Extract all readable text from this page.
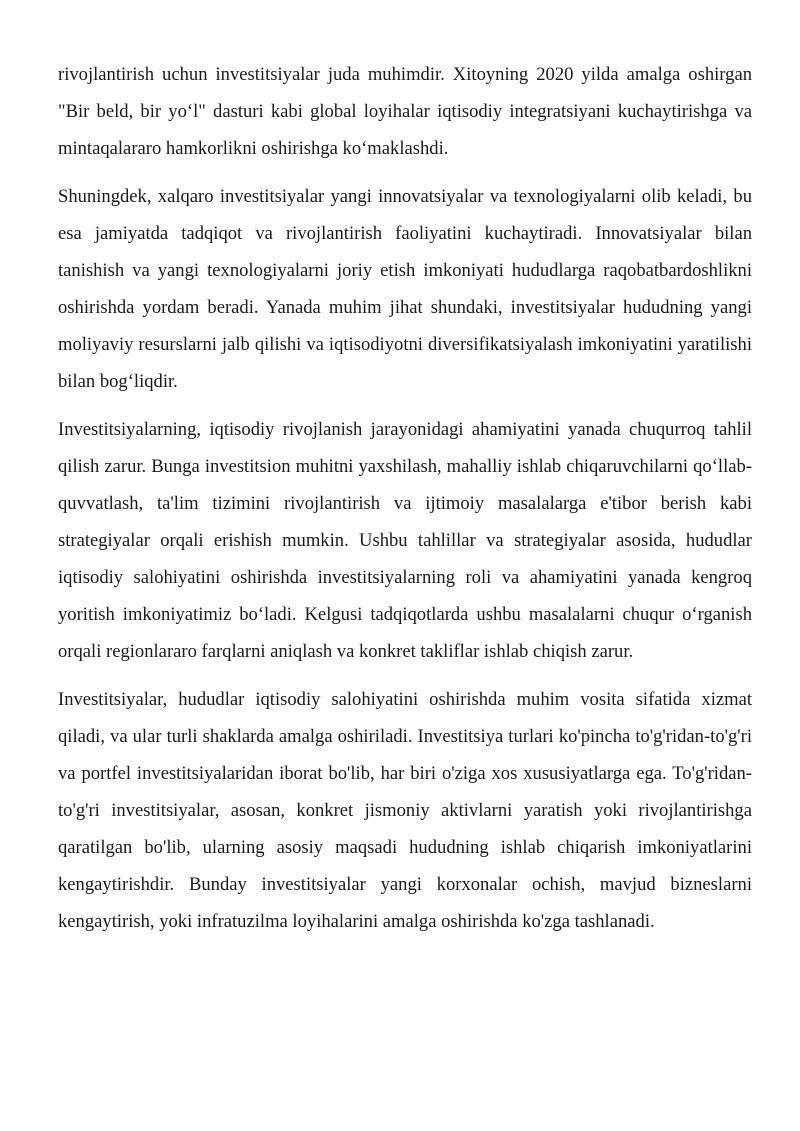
rivojlantirish uchun investitsiyalar juda muhimdir. Xitoyning 2020 yilda amalga oshirgan "Bir beld, bir yoʻl" dasturi kabi global loyihalar iqtisodiy integratsiyani kuchaytirishga va mintaqalararo hamkorlikni oshirishga koʻmaklashdi.

Shuningdek, xalqaro investitsiyalar yangi innovatsiyalar va texnologiyalarni olib keladi, bu esa jamiyatda tadqiqot va rivojlantirish faoliyatini kuchaytiradi. Innovatsiyalar bilan tanishish va yangi texnologiyalarni joriy etish imkoniyati hududlarga raqobatbardoshlikni oshirishda yordam beradi. Yanada muhim jihat shundaki, investitsiyalar hududning yangi moliyaviy resurslarni jalb qilishi va iqtisodiyotni diversifikatsiyalash imkoniyatini yaratilishi bilan bogʻliqdir.

Investitsiyalarning, iqtisodiy rivojlanish jarayonidagi ahamiyatini yanada chuqurroq tahlil qilish zarur. Bunga investitsion muhitni yaxshilash, mahalliy ishlab chiqaruvchilarni qoʻllab-quvvatlash, ta'lim tizimini rivojlantirish va ijtimoiy masalalarga e'tibor berish kabi strategiyalar orqali erishish mumkin. Ushbu tahlillar va strategiyalar asosida, hududlar iqtisodiy salohiyatini oshirishda investitsiyalarning roli va ahamiyatini yanada kengroq yoritish imkoniyatimiz boʻladi. Kelgusi tadqiqotlarda ushbu masalalarni chuqur oʻrganish orqali regionlararo farqlarni aniqlash va konkret takliflar ishlab chiqish zarur.

Investitsiyalar, hududlar iqtisodiy salohiyatini oshirishda muhim vosita sifatida xizmat qiladi, va ular turli shaklarda amalga oshiriladi. Investitsiya turlari ko'pincha to'g'ridan-to'g'ri va portfel investitsiyalaridan iborat bo'lib, har biri o'ziga xos xususiyatlarga ega. To'g'ridan-to'g'ri investitsiyalar, asosan, konkret jismoniy aktivlarni yaratish yoki rivojlantirishga qaratilgan bo'lib, ularning asosiy maqsadi hududning ishlab chiqarish imkoniyatlarini kengaytirishdir. Bunday investitsiyalar yangi korxonalar ochish, mavjud bizneslarni kengaytirish, yoki infratuzilma loyihalarini amalga oshirishda ko'zga tashlanadi.
